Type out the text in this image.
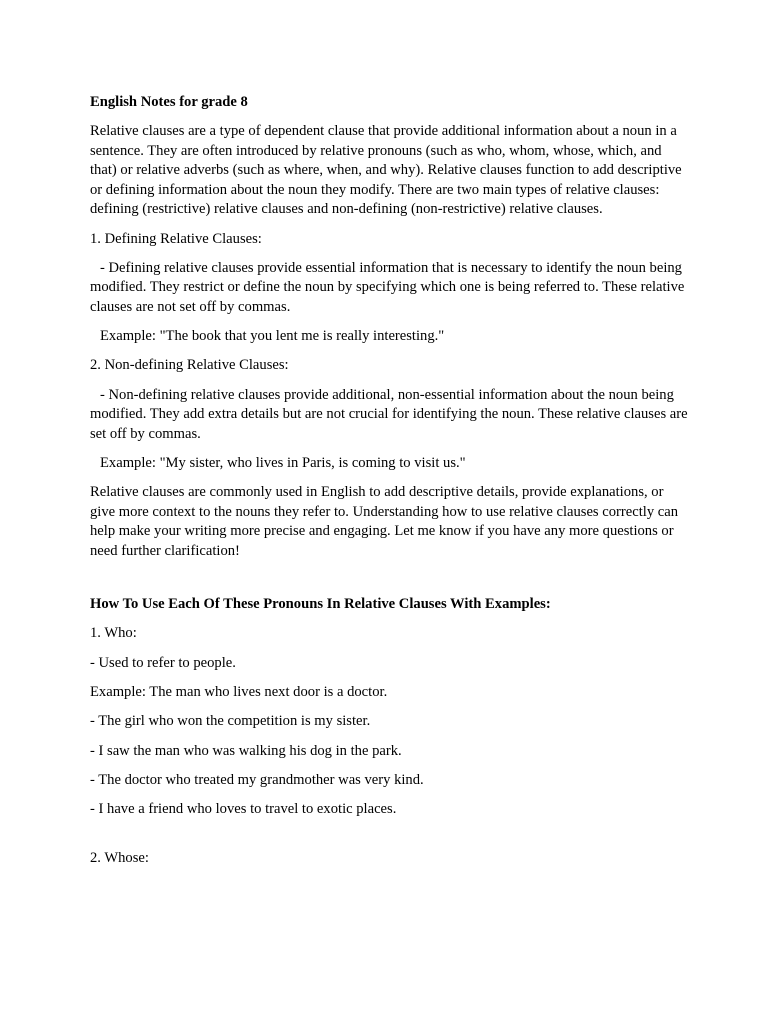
English Notes for grade 8

Relative clauses are a type of dependent clause that provide additional information about a noun in a sentence. They are often introduced by relative pronouns (such as who, whom, whose, which, and that) or relative adverbs (such as where, when, and why). Relative clauses function to add descriptive or defining information about the noun they modify. There are two main types of relative clauses: defining (restrictive) relative clauses and non-defining (non-restrictive) relative clauses.

1. Defining Relative Clauses:

- Defining relative clauses provide essential information that is necessary to identify the noun being modified. They restrict or define the noun by specifying which one is being referred to. These relative clauses are not set off by commas.

Example: "The book that you lent me is really interesting."

2. Non-defining Relative Clauses:

- Non-defining relative clauses provide additional, non-essential information about the noun being modified. They add extra details but are not crucial for identifying the noun. These relative clauses are set off by commas.

Example: "My sister, who lives in Paris, is coming to visit us."

Relative clauses are commonly used in English to add descriptive details, provide explanations, or give more context to the nouns they refer to. Understanding how to use relative clauses correctly can help make your writing more precise and engaging. Let me know if you have any more questions or need further clarification!

How To Use Each Of These Pronouns In Relative Clauses With Examples:

1. Who:

- Used to refer to people.

Example: The man who lives next door is a doctor.

- The girl who won the competition is my sister.

- I saw the man who was walking his dog in the park.

- The doctor who treated my grandmother was very kind.

- I have a friend who loves to travel to exotic places.

2. Whose:
